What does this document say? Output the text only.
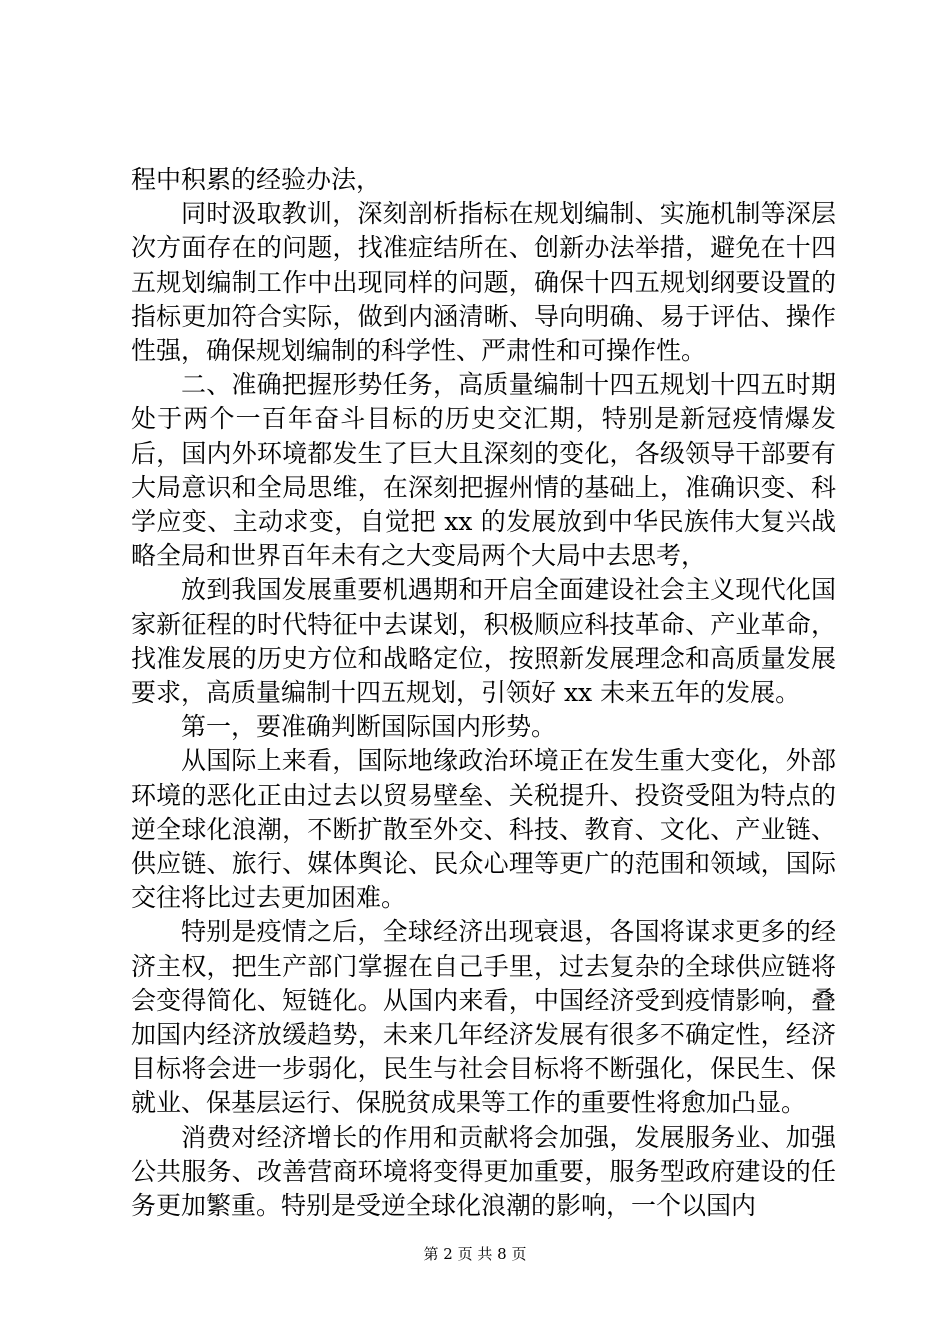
程中积累的经验办法，

同时汲取教训，深刻剖析指标在规划编制、实施机制等深层次方面存在的问题，找准症结所在、创新办法举措，避免在十四五规划编制工作中出现同样的问题，确保十四五规划纲要设置的指标更加符合实际，做到内涵清晰、导向明确、易于评估、操作性强，确保规划编制的科学性、严肃性和可操作性。

二、准确把握形势任务，高质量编制十四五规划十四五时期处于两个一百年奋斗目标的历史交汇期，特别是新冠疫情爆发后，国内外环境都发生了巨大且深刻的变化，各级领导干部要有大局意识和全局思维，在深刻把握州情的基础上，准确识变、科学应变、主动求变，自觉把 xx 的发展放到中华民族伟大复兴战略全局和世界百年未有之大变局两个大局中去思考，

放到我国发展重要机遇期和开启全面建设社会主义现代化国家新征程的时代特征中去谋划，积极顺应科技革命、产业革命，找准发展的历史方位和战略定位，按照新发展理念和高质量发展要求，高质量编制十四五规划，引领好 xx 未来五年的发展。

第一，要准确判断国际国内形势。

从国际上来看，国际地缘政治环境正在发生重大变化，外部环境的恶化正由过去以贸易壁垒、关税提升、投资受阻为特点的逆全球化浪潮，不断扩散至外交、科技、教育、文化、产业链、供应链、旅行、媒体舆论、民众心理等更广的范围和领域，国际交往将比过去更加困难。

特别是疫情之后，全球经济出现衰退，各国将谋求更多的经济主权，把生产部门掌握在自己手里，过去复杂的全球供应链将会变得简化、短链化。从国内来看，中国经济受到疫情影响，叠加国内经济放缓趋势，未来几年经济发展有很多不确定性，经济目标将会进一步弱化，民生与社会目标将不断强化，保民生、保就业、保基层运行、保脱贫成果等工作的重要性将愈加凸显。

消费对经济增长的作用和贡献将会加强，发展服务业、加强公共服务、改善营商环境将变得更加重要，服务型政府建设的任务更加繁重。特别是受逆全球化浪潮的影响，一个以国内

第 2 页 共 8 页
